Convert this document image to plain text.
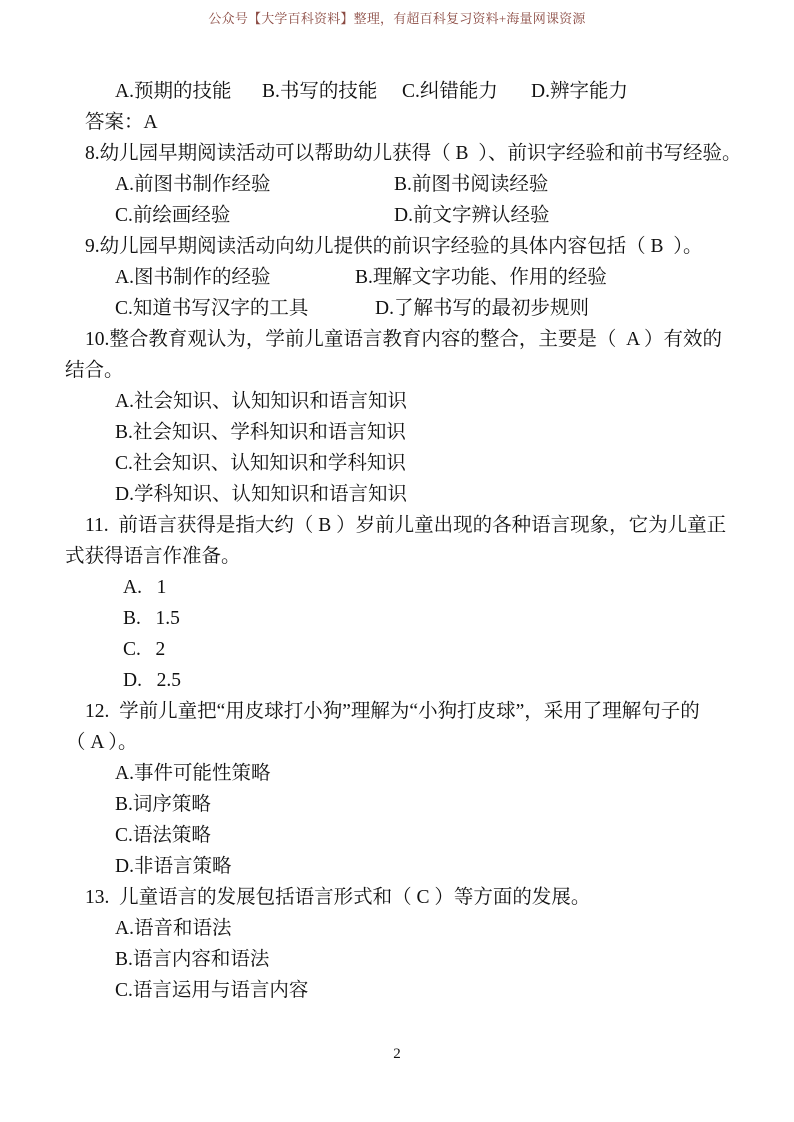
公众号【大学百科资料】整理，有超百科复习资料+海量网课资源
A.预期的技能 B.书写的技能 C.纠错能力 D.辨字能力
答案：A
8.幼儿园早期阅读活动可以帮助幼儿获得（ B  ）、前识字经验和前书写经验。
A.前图书制作经验	B.前图书阅读经验
C.前绘画经验	D.前文字辨认经验
9.幼儿园早期阅读活动向幼儿提供的前识字经验的具体内容包括（ B  ）。
A.图书制作的经验	B.理解文字功能、作用的经验
C.知道书写汉字的工具	D.了解书写的最初步规则
10.整合教育观认为，学前儿童语言教育内容的整合，主要是（  A ）有效的
结合。
A.社会知识、认知知识和语言知识
B.社会知识、学科知识和语言知识
C.社会知识、认知知识和学科知识
D.学科知识、认知知识和语言知识
11.  前语言获得是指大约（ B ）岁前儿童出现的各种语言现象，它为儿童正
式获得语言作准备。
A.   1
B.   1.5
C.   2
D.   2.5
12.  学前儿童把“用皮球打小狗”理解为“小狗打皮球”，采用了理解句子的
（ A ）。
A.事件可能性策略
B.词序策略
C.语法策略
D.非语言策略
13.  儿童语言的发展包括语言形式和（ C ）等方面的发展。
A.语音和语法
B.语言内容和语法
C.语言运用与语言内容
2
